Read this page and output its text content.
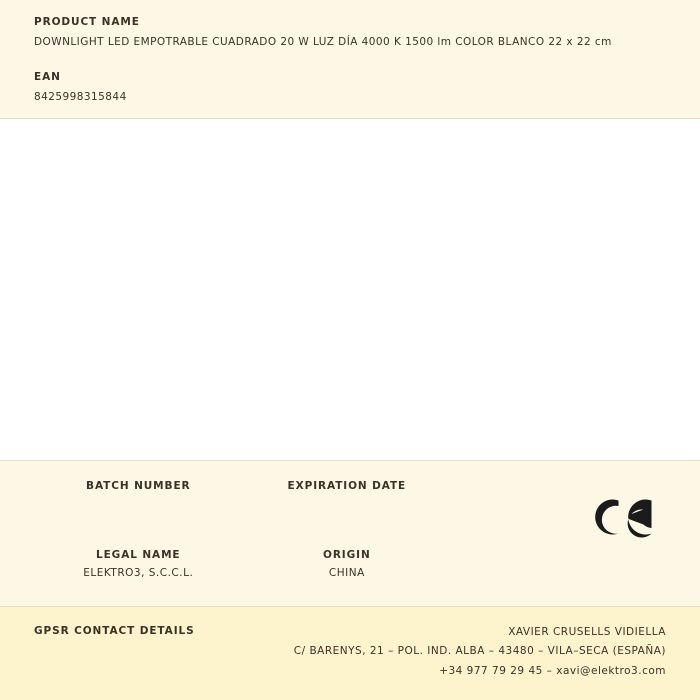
PRODUCT NAME

DOWNLIGHT LED EMPOTRABLE CUADRADO 20 W LUZ DÍA 4000 K 1500 lm COLOR BLANCO 22 x 22 cm

EAN

8425998315844

BATCH NUMBER	EXPIRATION DATE
LEGAL NAME	ORIGIN
ELEKTRO3, S.C.C.L.	CHINA
GPSR CONTACT DETAILS	XAVIER CRUSELLS VIDIELLA
C/ BARENYS, 21 – POL. IND. ALBA – 43480 – VILA–SECA (ESPAÑA)
+34 977 79 29 45 – xavi@elektro3.com
